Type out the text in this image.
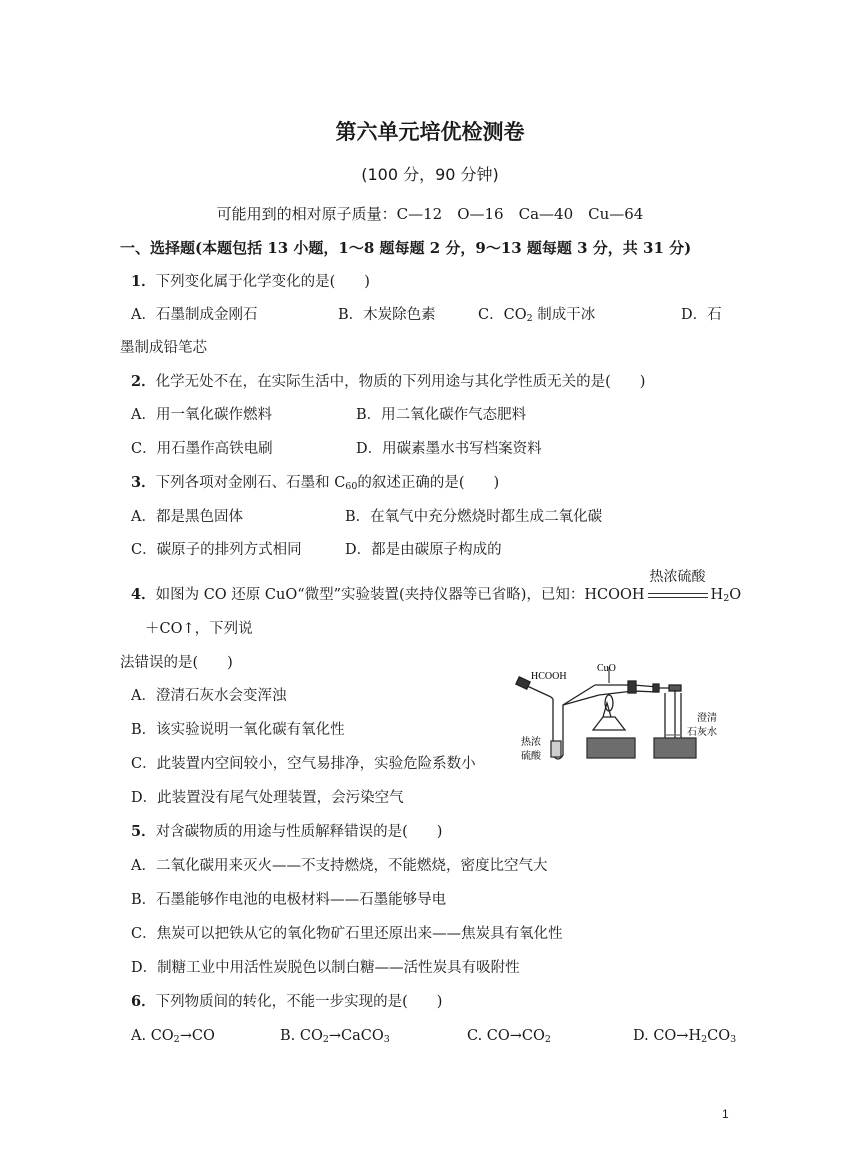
第六单元培优检测卷
(100 分，90 分钟)
可能用到的相对原子质量：C—12　O—16　Ca—40　Cu—64
一、选择题(本题包括 13 小题，1～8 题每题 2 分，9～13 题每题 3 分，共 31 分)
1．下列变化属于化学变化的是(　　)
A．石墨制成金刚石	B．木炭除色素	C．$CO_2$ 制成干冰	D．石
墨制成铅笔芯
2．化学无处不在，在实际生活中，物质的下列用途与其化学性质无关的是(　　)
A．用一氧化碳作燃料	B．用二氧化碳作气态肥料
C．用石墨作高铁电刷	D．用碳素墨水书写档案资料
3．下列各项对金刚石、石墨和 $C_{60}$的叙述正确的是(　　)
A．都是黑色固体	B．在氧气中充分燃烧时都生成二氧化碳
C．碳原子的排列方式相同	D．都是由碳原子构成的
4．如图为 CO 还原 CuO“微型”实验装置(夹持仪器等已省略)，已知：HCOOH
热浓硫酸
$H_2O$
＋CO↑，下列说
法错误的是(　　)
A．澄清石灰水会变浑浊
B．该实验说明一氧化碳有氧化性
C．此装置内空间较小，空气易排净，实验危险系数小
D．此装置没有尾气处理装置，会污染空气
HCOOH
CuO
热浓
硫酸
澄清
石灰水
5．对含碳物质的用途与性质解释错误的是(　　)
A．二氧化碳用来灭火——不支持燃烧，不能燃烧，密度比空气大
B．石墨能够作电池的电极材料——石墨能够导电
C．焦炭可以把铁从它的氧化物矿石里还原出来——焦炭具有氧化性
D．制糖工业中用活性炭脱色以制白糖——活性炭具有吸附性
6．下列物质间的转化，不能一步实现的是(　　)
A. $CO_2\to CO$	B. $CO_2\to CaCO_3$	C. $CO\to CO_2$	D. $CO\to H_2CO_3$
1
